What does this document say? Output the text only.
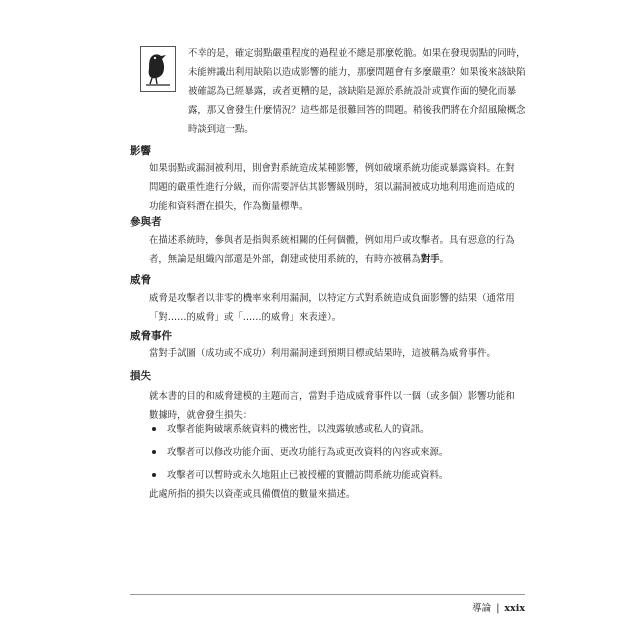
不幸的是，確定弱點嚴重程度的過程並不總是那麼乾脆。如果在發現弱點的同時，未能辨識出利用缺陷以造成影響的能力，那麼問題會有多麼嚴重？如果後來該缺陷被確認為已經暴露，或者更糟的是，該缺陷是源於系統設計或實作面的變化而暴露，那又會發生什麼情況？這些都是很難回答的問題。稍後我們將在介紹風險概念時談到這一點。
影響
如果弱點或漏洞被利用，則會對系統造成某種影響，例如破壞系統功能或暴露資料。在對問題的嚴重性進行分級，而你需要評估其影響級別時，須以漏洞被成功地利用進而造成的功能和資料潛在損失，作為衡量標準。
參與者
在描述系統時，參與者是指與系統相關的任何個體，例如用戶或攻擊者。具有惡意的行為者，無論是組織內部還是外部，創建或使用系統的，有時亦被稱為對手。
威脅
威脅是攻擊者以非零的機率來利用漏洞，以特定方式對系統造成負面影響的結果（通常用「對……的威脅」或「……的威脅」來表達）。
威脅事件
當對手試圖（成功或不成功）利用漏洞達到預期目標或結果時，這被稱為威脅事件。
損失
就本書的目的和威脅建模的主題而言，當對手造成威脅事件以一個（或多個）影響功能和數據時，就會發生損失：
攻擊者能夠破壞系統資料的機密性，以洩露敏感或私人的資訊。
攻擊者可以修改功能介面、更改功能行為或更改資料的內容或來源。
攻擊者可以暫時或永久地阻止已被授權的實體訪問系統功能或資料。
此處所指的損失以資產或具備價值的數量來描述。
導論 | xxix
